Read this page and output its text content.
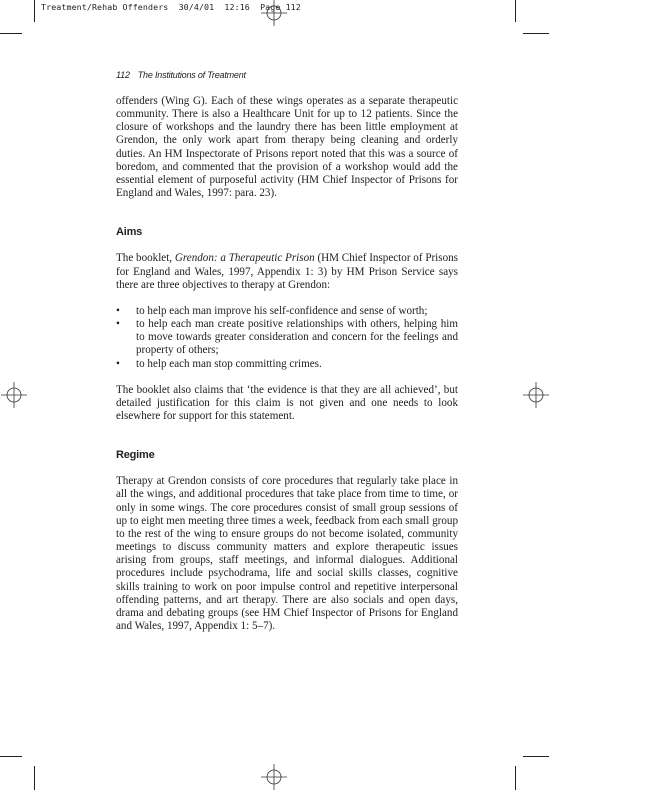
Treatment/Rehab Offenders  30/4/01  12:16  Page 112
112 The Institutions of Treatment

offenders (Wing G). Each of these wings operates as a separate therapeutic community. There is also a Healthcare Unit for up to 12 patients. Since the closure of workshops and the laundry there has been little employment at Grendon, the only work apart from therapy being cleaning and orderly duties. An HM Inspectorate of Prisons report noted that this was a source of boredom, and commented that the provision of a workshop would add the essential element of purposeful activity (HM Chief Inspector of Prisons for England and Wales, 1997: para. 23).

Aims

The booklet, Grendon: a Therapeutic Prison (HM Chief Inspector of Prisons for England and Wales, 1997, Appendix 1: 3) by HM Prison Service says there are three objectives to therapy at Grendon:

• to help each man improve his self-confidence and sense of worth;
• to help each man create positive relationships with others, helping him to move towards greater consideration and concern for the feelings and property of others;
• to help each man stop committing crimes.

The booklet also claims that ‘the evidence is that they are all achieved’, but detailed justification for this claim is not given and one needs to look elsewhere for support for this statement.

Regime

Therapy at Grendon consists of core procedures that regularly take place in all the wings, and additional procedures that take place from time to time, or only in some wings. The core procedures consist of small group sessions of up to eight men meeting three times a week, feedback from each small group to the rest of the wing to ensure groups do not become isolated, community meetings to discuss community matters and explore therapeutic issues arising from groups, staff meetings, and informal dialogues. Additional procedures include psychodrama, life and social skills classes, cognitive skills training to work on poor impulse control and repetitive interpersonal offending patterns, and art therapy. There are also socials and open days, drama and debating groups (see HM Chief Inspector of Prisons for England and Wales, 1997, Appendix 1: 5–7).
